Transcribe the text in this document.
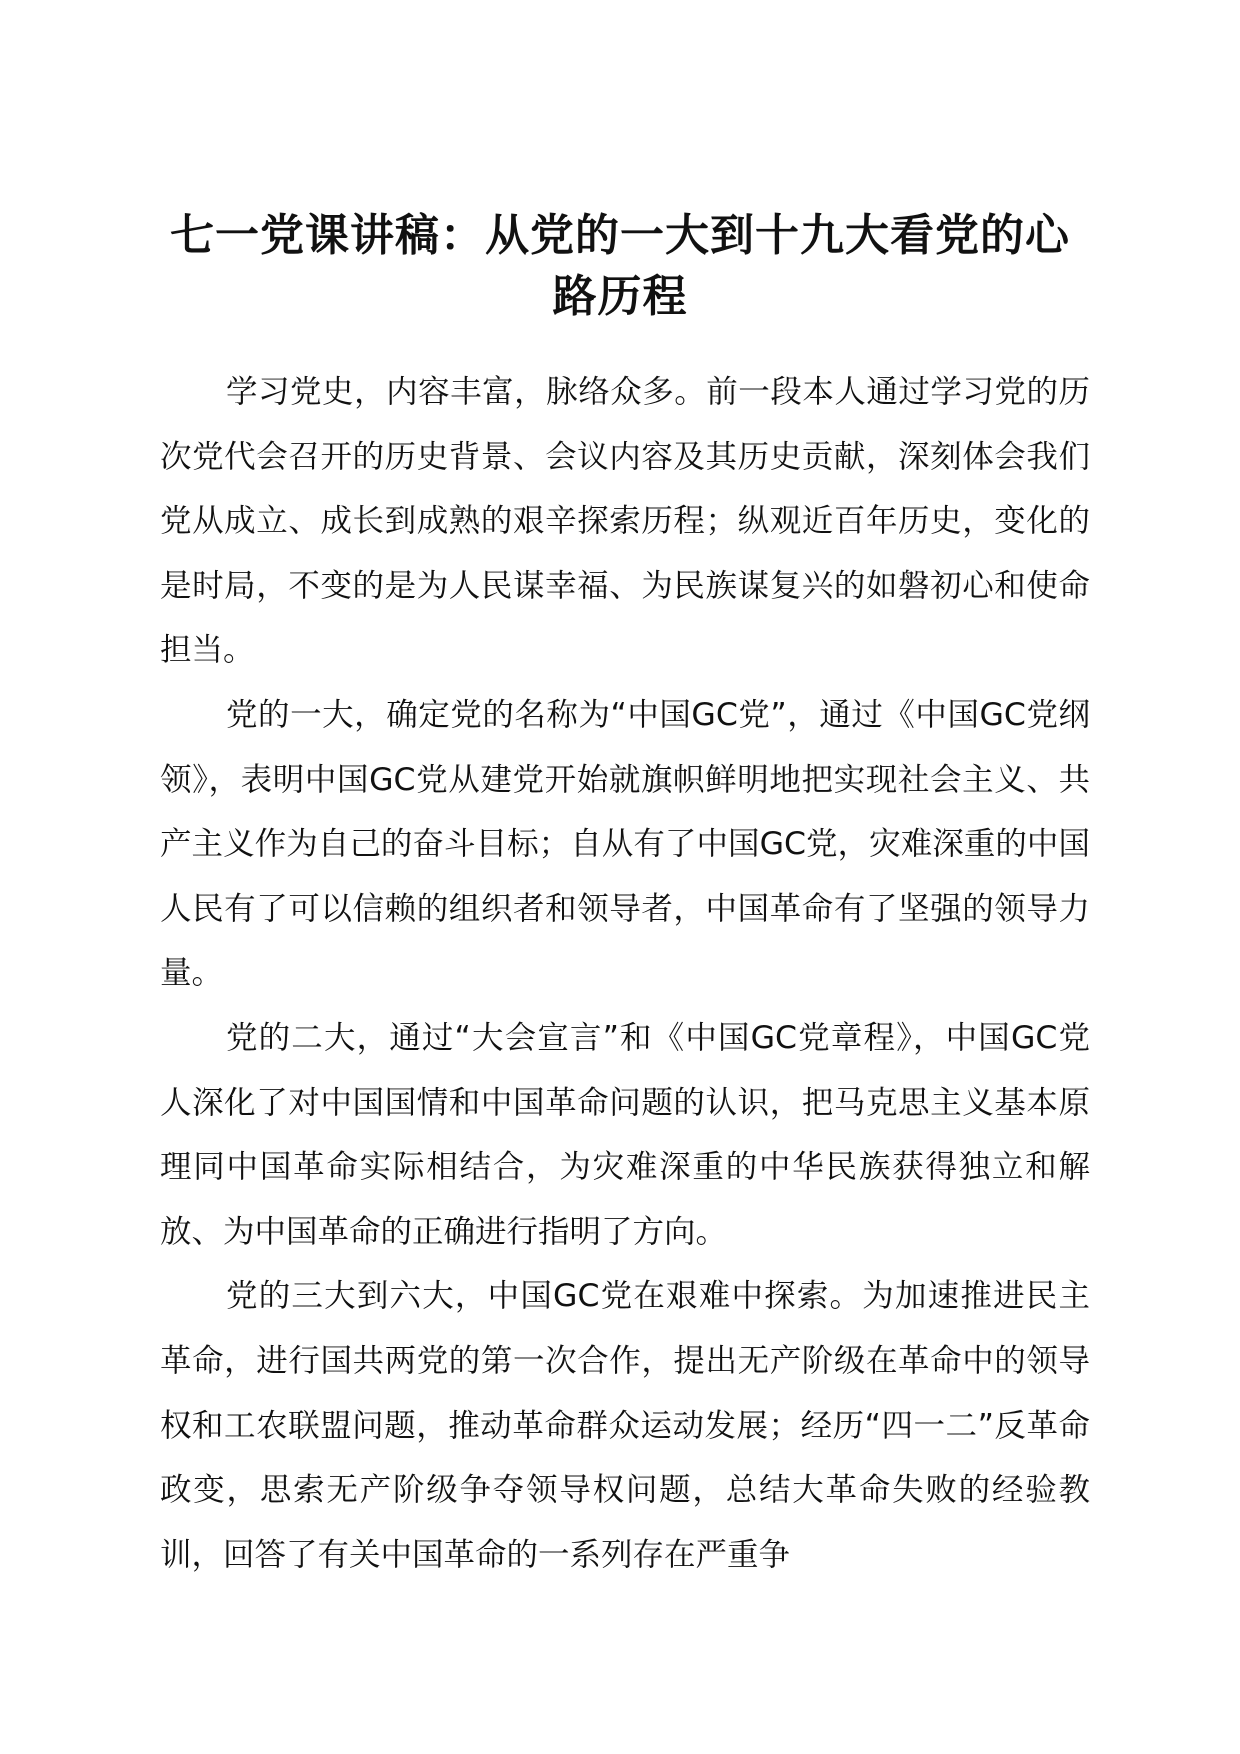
七一党课讲稿：从党的一大到十九大看党的心路历程

学习党史，内容丰富，脉络众多。前一段本人通过学习党的历次党代会召开的历史背景、会议内容及其历史贡献，深刻体会我们党从成立、成长到成熟的艰辛探索历程；纵观近百年历史，变化的是时局，不变的是为人民谋幸福、为民族谋复兴的如磐初心和使命担当。

党的一大，确定党的名称为“中国GC党”，通过《中国GC党纲领》，表明中国GC党从建党开始就旗帜鲜明地把实现社会主义、共产主义作为自己的奋斗目标；自从有了中国GC党，灾难深重的中国人民有了可以信赖的组织者和领导者，中国革命有了坚强的领导力量。

党的二大，通过“大会宣言”和《中国GC党章程》，中国GC党人深化了对中国国情和中国革命问题的认识，把马克思主义基本原理同中国革命实际相结合，为灾难深重的中华民族获得独立和解放、为中国革命的正确进行指明了方向。

党的三大到六大，中国GC党在艰难中探索。为加速推进民主革命，进行国共两党的第一次合作，提出无产阶级在革命中的领导权和工农联盟问题，推动革命群众运动发展；经历“四一二”反革命政变，思索无产阶级争夺领导权问题，总结大革命失败的经验教训，回答了有关中国革命的一系列存在严重争
